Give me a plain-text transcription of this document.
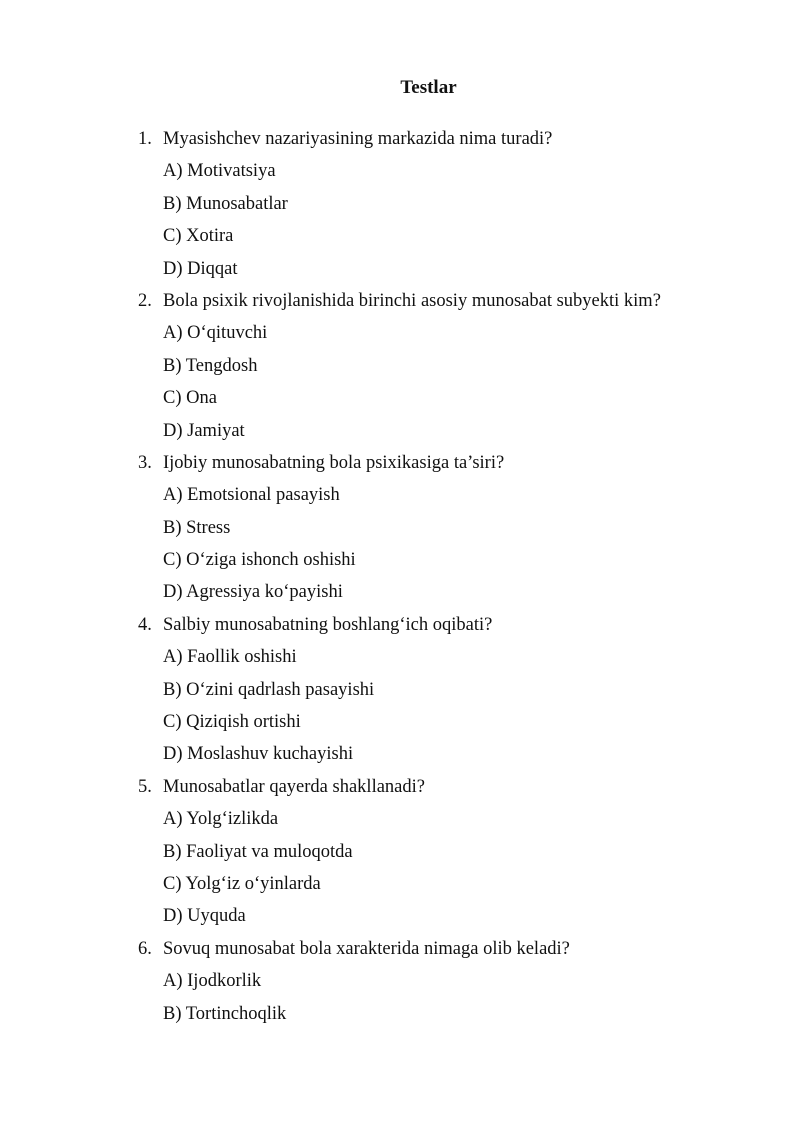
Testlar
1. Myasishchev nazariyasining markazida nima turadi?
A) Motivatsiya
B) Munosabatlar
C) Xotira
D) Diqqat
2. Bola psixik rivojlanishida birinchi asosiy munosabat subyekti kim?
A) O‘qituvchi
B) Tengdosh
C) Ona
D) Jamiyat
3. Ijobiy munosabatning bola psixikasiga ta’siri?
A) Emotsional pasayish
B) Stress
C) O‘ziga ishonch oshishi
D) Agressiya ko‘payishi
4. Salbiy munosabatning boshlang‘ich oqibati?
A) Faollik oshishi
B) O‘zini qadrlash pasayishi
C) Qiziqish ortishi
D) Moslashuv kuchayishi
5. Munosabatlar qayerda shakllanadi?
A) Yolg‘izlikda
B) Faoliyat va muloqotda
C) Yolg‘iz o‘yinlarda
D) Uyquda
6. Sovuq munosabat bola xarakterida nimaga olib keladi?
A) Ijodkorlik
B) Tortinchoqlik
